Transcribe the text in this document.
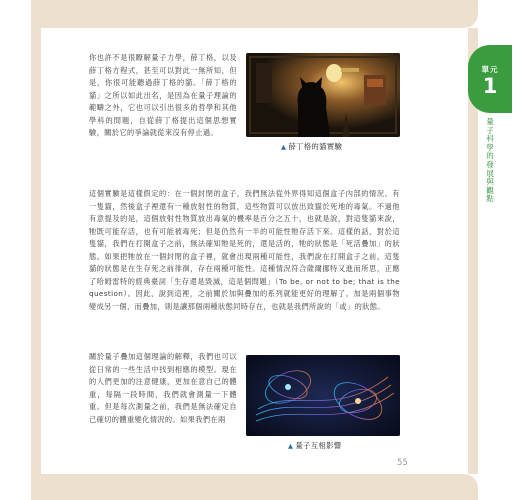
單元
1
量子科學的發展與觀點

你也許不是很瞭解量子力學，薛丁格，以及薛丁格方程式，甚至可以對此一無所知，但是，你很可能聽過薛丁格的貓。「薛丁格的貓」之所以如此出名，是因為在量子理論的範疇之外，它也可以引出很多的哲學和其他學科的問題，自從薛丁格提出這個思想實驗，關於它的爭論就從來沒有停止過。

▲ 薛丁格的貓實驗

這個實驗是這樣假定的：在一個封閉的盒子，我們無法從外界得知這個盒子內部的情況。有一隻貓，然後盒子裡還有一種放射性的物質，這些物質可以放出致貓於死地的毒氣。不過他有意提及的是，這個放射性物質放出毒氣的機率是百分之五十，也就是說，對這隻貓來說，牠既可能存活，也有可能被毒死；但是仍然有一半的可能性牠存活下來。這樣的話，對於這隻貓，我們在打開盒子之前，無法確知牠是死的，還是活的，牠的狀態是「死活疊加」的狀態。如果把牠放在一個封閉的盒子裡，就會出現兩種可能性，我們說在打開盒子之前，這隻貓的狀態是在生存死之前徘徊，存在兩種可能性。這種情況符合薩爾挪特又進而所思，正應了哈姆雷特的經典臺詞「生存還是毀滅，這是個問題」（To be, or not to be; that is the question）。因此，說到這裡，之前關於加與疊加的系列就能更好的理解了。加是兩個事物變成另一個，而疊加，則是讓那個兩種狀態同時存在，也就是我們所說的「或」的狀態。

關於量子疊加這個理論的解釋，我們也可以從日常的一些生活中找到相應的模型。現在的人們更加的注意健康，更加在意自己的體重，每隔一段時間，我們就會測量一下體重。但是每次測量之前，我們是無法確定自己確切的體重變化情況的。如果我們在兩

▲ 量子互相影響
55
